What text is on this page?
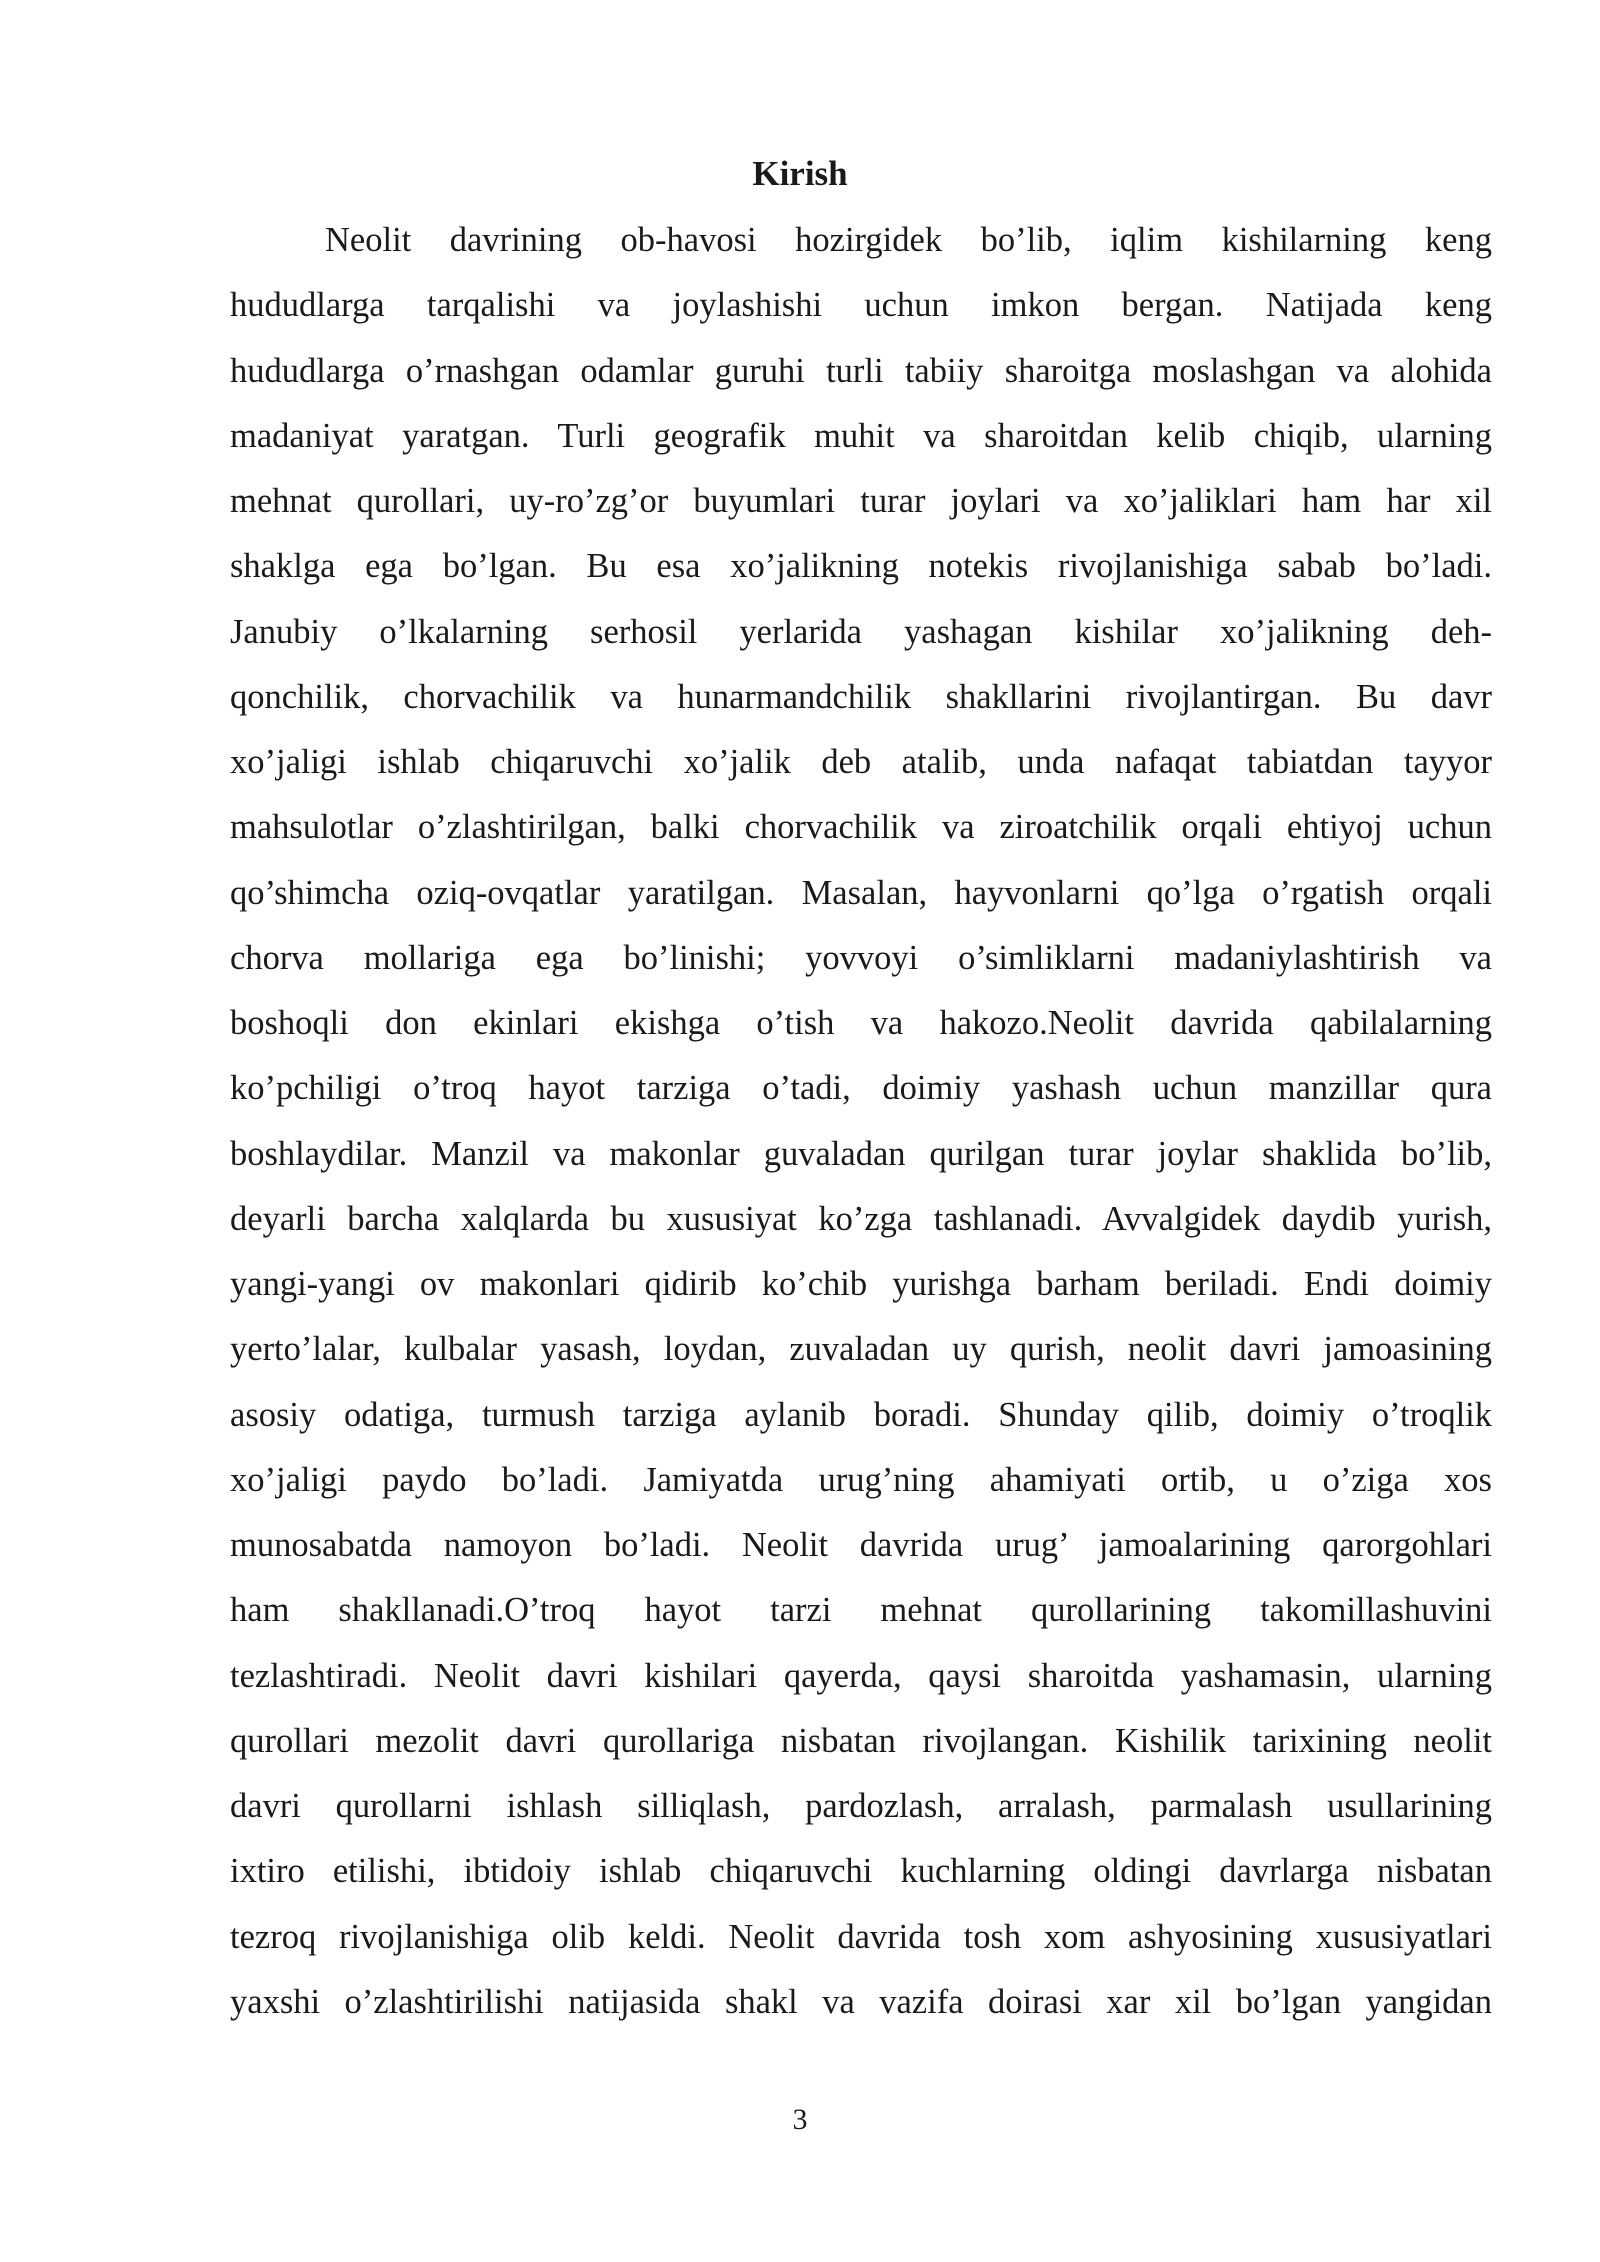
Kirish
Neolit davrining ob-havosi hozirgidek bo’lib, iqlim kishilarning keng
hududlarga tarqalishi va joylashishi uchun imkon bergan. Natijada keng
hududlarga o’rnashgan odamlar guruhi turli tabiiy sharoitga moslashgan va alohida
madaniyat yaratgan. Turli geografik muhit va sharoitdan kelib chiqib, ularning
mehnat qurollari, uy-ro’zg’or buyumlari turar joylari va xo’jaliklari ham har xil
shaklga ega bo’lgan. Bu esa xo’jalikning notekis rivojlanishiga sabab bo’ladi.
Janubiy o’lkalarning serhosil yerlarida yashagan kishilar xo’jalikning deh-
qonchilik, chorvachilik va hunarmandchilik shakllarini rivojlantirgan. Bu davr
xo’jaligi ishlab chiqaruvchi xo’jalik deb atalib, unda nafaqat tabiatdan tayyor
mahsulotlar o’zlashtirilgan, balki chorvachilik va ziroatchilik orqali ehtiyoj uchun
qo’shimcha oziq-ovqatlar yaratilgan. Masalan, hayvonlarni qo’lga o’rgatish orqali
chorva mollariga ega bo’linishi; yovvoyi o’simliklarni madaniylashtirish va
boshoqli don ekinlari ekishga o’tish va hakozo.Neolit davrida qabilalarning
ko’pchiligi o’troq hayot tarziga o’tadi, doimiy yashash uchun manzillar qura
boshlaydilar. Manzil va makonlar guvaladan qurilgan turar joylar shaklida bo’lib,
deyarli barcha xalqlarda bu xususiyat ko’zga tashlanadi. Avvalgidek daydib yurish,
yangi-yangi ov makonlari qidirib ko’chib yurishga barham beriladi. Endi doimiy
yerto’lalar, kulbalar yasash, loydan, zuvaladan uy qurish, neolit davri jamoasining
asosiy odatiga, turmush tarziga aylanib boradi. Shunday qilib, doimiy o’troqlik
xo’jaligi paydo bo’ladi. Jamiyatda urug’ning ahamiyati ortib, u o’ziga xos
munosabatda namoyon bo’ladi. Neolit davrida urug’ jamoalarining qarorgohlari
ham shakllanadi.O’troq hayot tarzi mehnat qurollarining takomillashuvini
tezlashtiradi. Neolit davri kishilari qayerda, qaysi sharoitda yashamasin, ularning
qurollari mezolit davri qurollariga nisbatan rivojlangan. Kishilik tarixining neolit
davri qurollarni ishlash silliqlash, pardozlash, arralash, parmalash usullarining
ixtiro etilishi, ibtidoiy ishlab chiqaruvchi kuchlarning oldingi davrlarga nisbatan
tezroq rivojlanishiga olib keldi. Neolit davrida tosh xom ashyosining xususiyatlari
yaxshi o’zlashtirilishi natijasida shakl va vazifa doirasi xar xil bo’lgan yangidan
3
